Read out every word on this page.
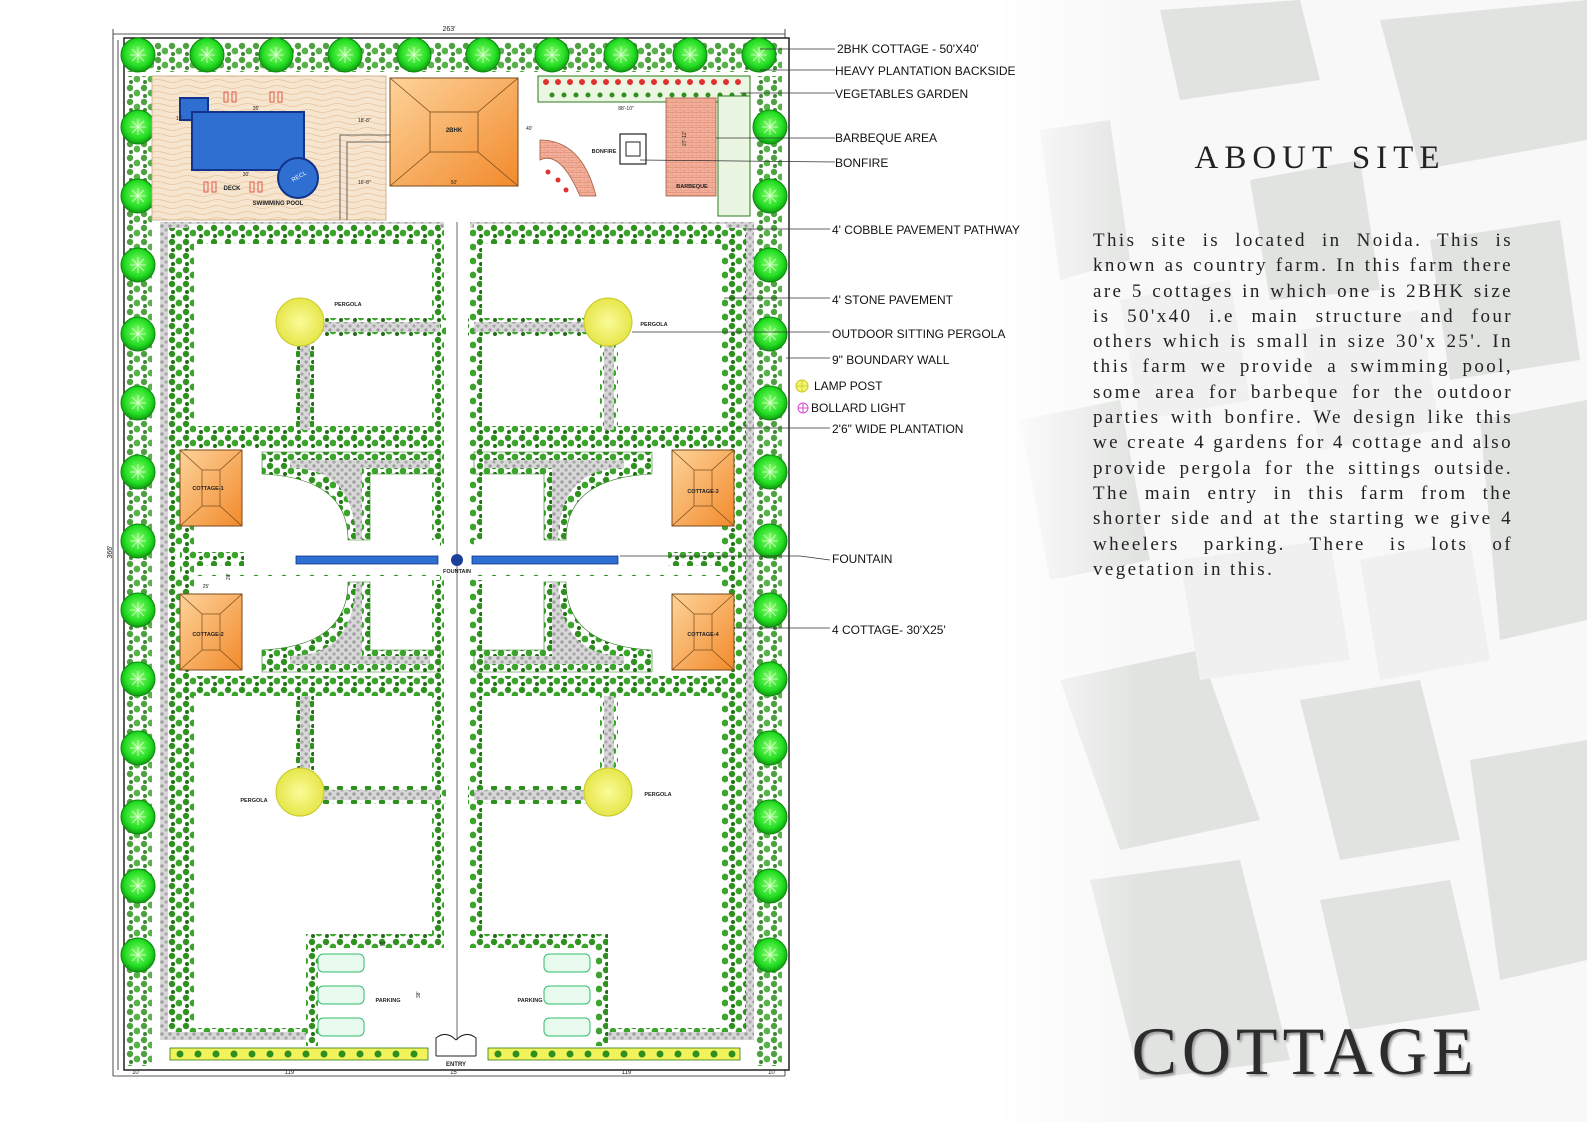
263'
366'
10'	119'	15'	119'	10'
RECL
SWIMMING POOL
DECK
35'
30'
12'
2BHK
50'
40'
18'-8"
16'-8"
BARBEQUE
88'-10"
27'-11"
BONFIRE
FOUNTAIN
COTTAGE-1
COTTAGE-2
COTTAGE-3
COTTAGE-4
25'
20'
PERGOLA
PERGOLA
PERGOLA
PERGOLA
PARKING	PARKING
50'
38'
ENTRY
2BHK COTTAGE - 50'X40'
HEAVY PLANTATION BACKSIDE
VEGETABLES GARDEN
BARBEQUE AREA
BONFIRE
4' COBBLE PAVEMENT PATHWAY
4' STONE PAVEMENT
OUTDOOR SITTING PERGOLA
9" BOUNDARY WALL
LAMP POST
BOLLARD LIGHT
2'6" WIDE PLANTATION
FOUNTAIN
4 COTTAGE- 30'X25'
ABOUT SITE
This site is located in Noida. This is known as country farm. In this farm there are 5 cottages in which one is 2BHK size is 50'x40 i.e main structure and four others which is small in size 30'x 25'. In this farm we provide a swimming pool, some area for barbeque for the outdoor parties with bonfire. We design like this we create 4 gardens for 4 cottage and also provide pergola for the sittings outside. The main entry in this farm from the shorter side and at the starting we give 4 wheelers parking. There is lots of vegetation in this.
COTTAGE
